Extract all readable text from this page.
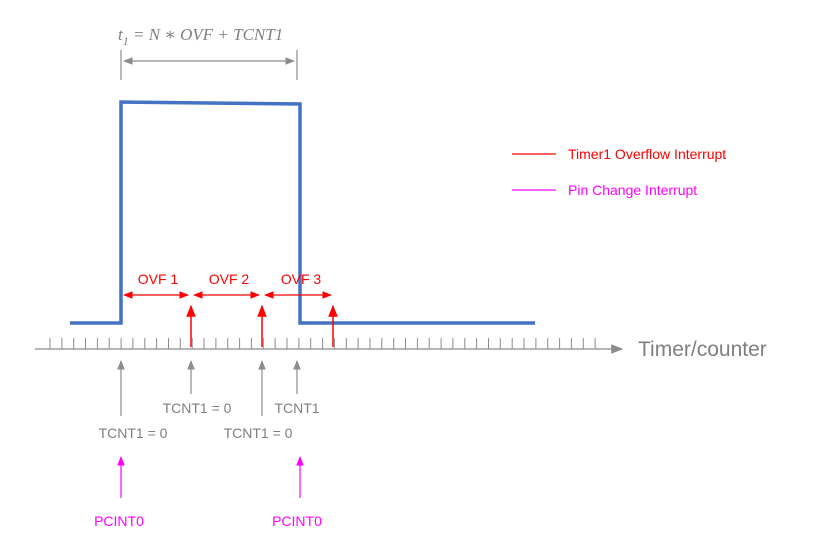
$t_1 = N$ ∗ OVF + TCNT1
Timer1 Overflow Interrupt
Pin Change Interrupt
OVF 1 OVF 2 OVF 3
Timer/counter
TCNT1 = 0	TCNT1
TCNT1 = 0	TCNT1 = 0
PCINT0	PCINT0
